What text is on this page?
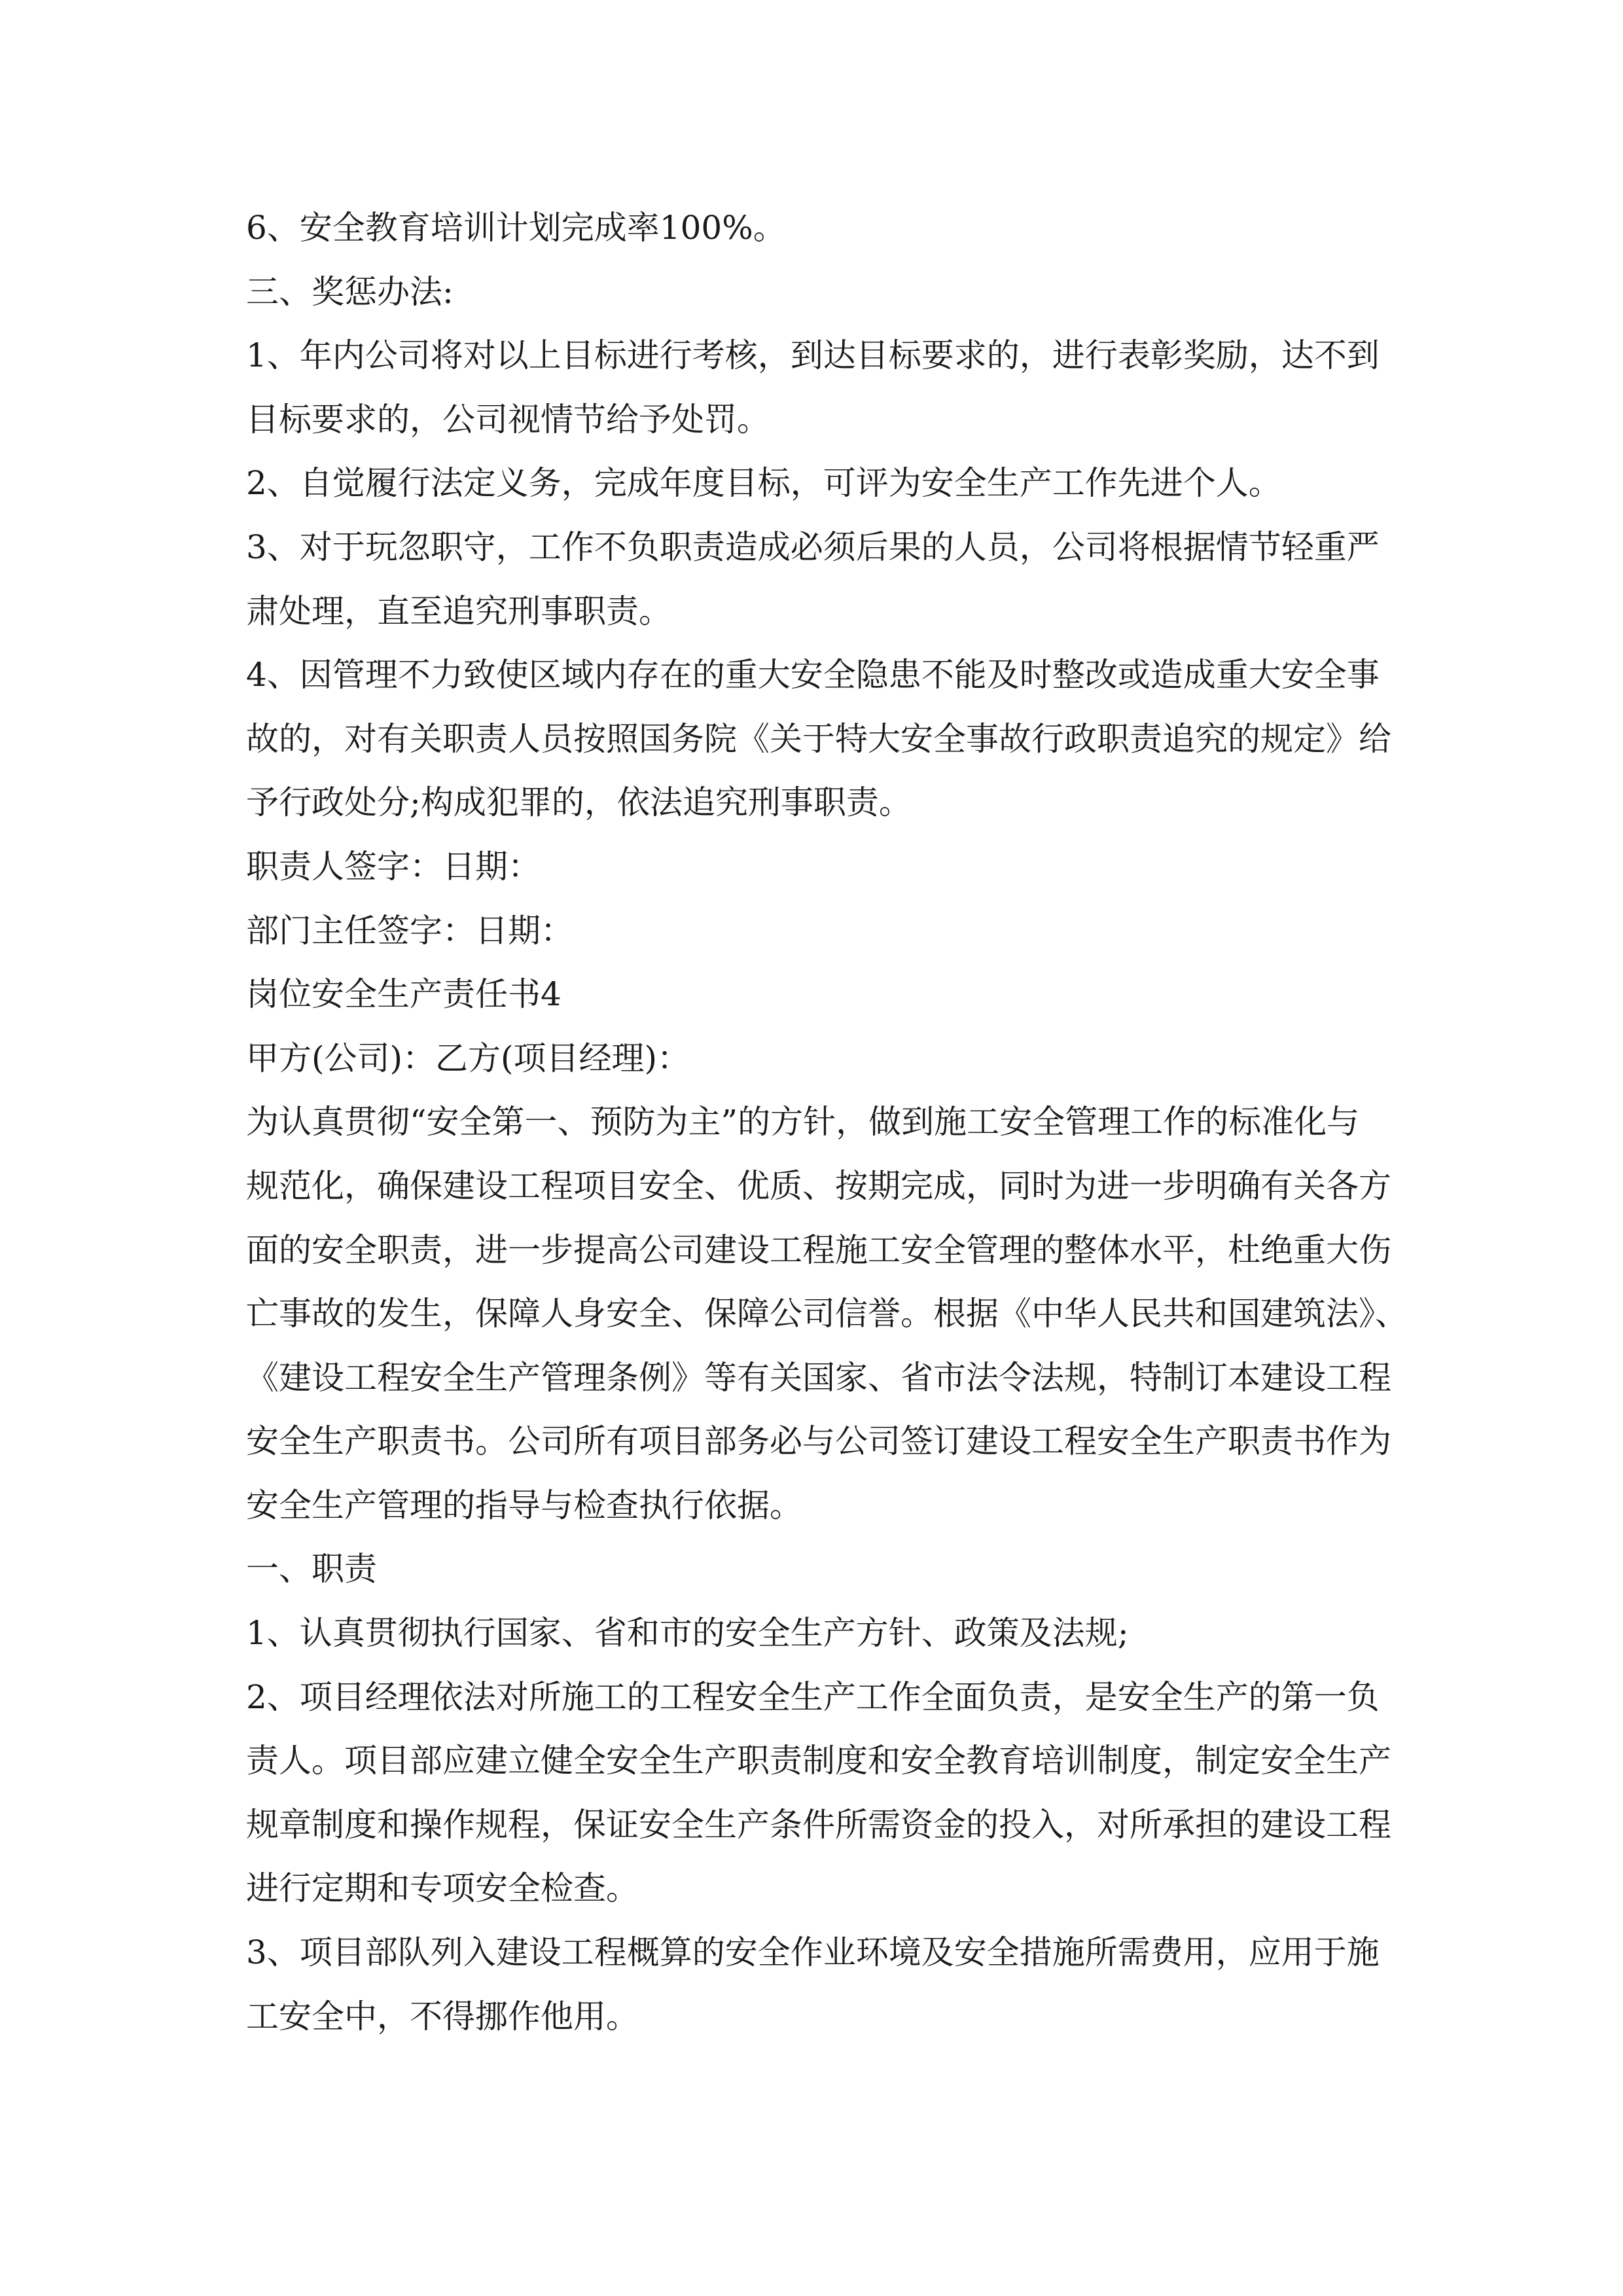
6、安全教育培训计划完成率100%。
三、奖惩办法:
1、年内公司将对以上目标进行考核，到达目标要求的，进行表彰奖励，达不到
目标要求的，公司视情节给予处罚。
2、自觉履行法定义务，完成年度目标，可评为安全生产工作先进个人。
3、对于玩忽职守，工作不负职责造成必须后果的人员，公司将根据情节轻重严
肃处理，直至追究刑事职责。
4、因管理不力致使区域内存在的重大安全隐患不能及时整改或造成重大安全事
故的，对有关职责人员按照国务院《关于特大安全事故行政职责追究的规定》给
予行政处分;构成犯罪的，依法追究刑事职责。
职责人签字：日期：
部门主任签字：日期：
岗位安全生产责任书4
甲方(公司)：乙方(项目经理)：
为认真贯彻“安全第一、预防为主”的方针，做到施工安全管理工作的标准化与
规范化，确保建设工程项目安全、优质、按期完成，同时为进一步明确有关各方
面的安全职责，进一步提高公司建设工程施工安全管理的整体水平，杜绝重大伤
亡事故的发生，保障人身安全、保障公司信誉。根据《中华人民共和国建筑法》、
《建设工程安全生产管理条例》等有关国家、省市法令法规，特制订本建设工程
安全生产职责书。公司所有项目部务必与公司签订建设工程安全生产职责书作为
安全生产管理的指导与检查执行依据。
一、职责
1、认真贯彻执行国家、省和市的安全生产方针、政策及法规;
2、项目经理依法对所施工的工程安全生产工作全面负责，是安全生产的第一负
责人。项目部应建立健全安全生产职责制度和安全教育培训制度，制定安全生产
规章制度和操作规程，保证安全生产条件所需资金的投入，对所承担的建设工程
进行定期和专项安全检查。
3、项目部队列入建设工程概算的安全作业环境及安全措施所需费用，应用于施
工安全中，不得挪作他用。
